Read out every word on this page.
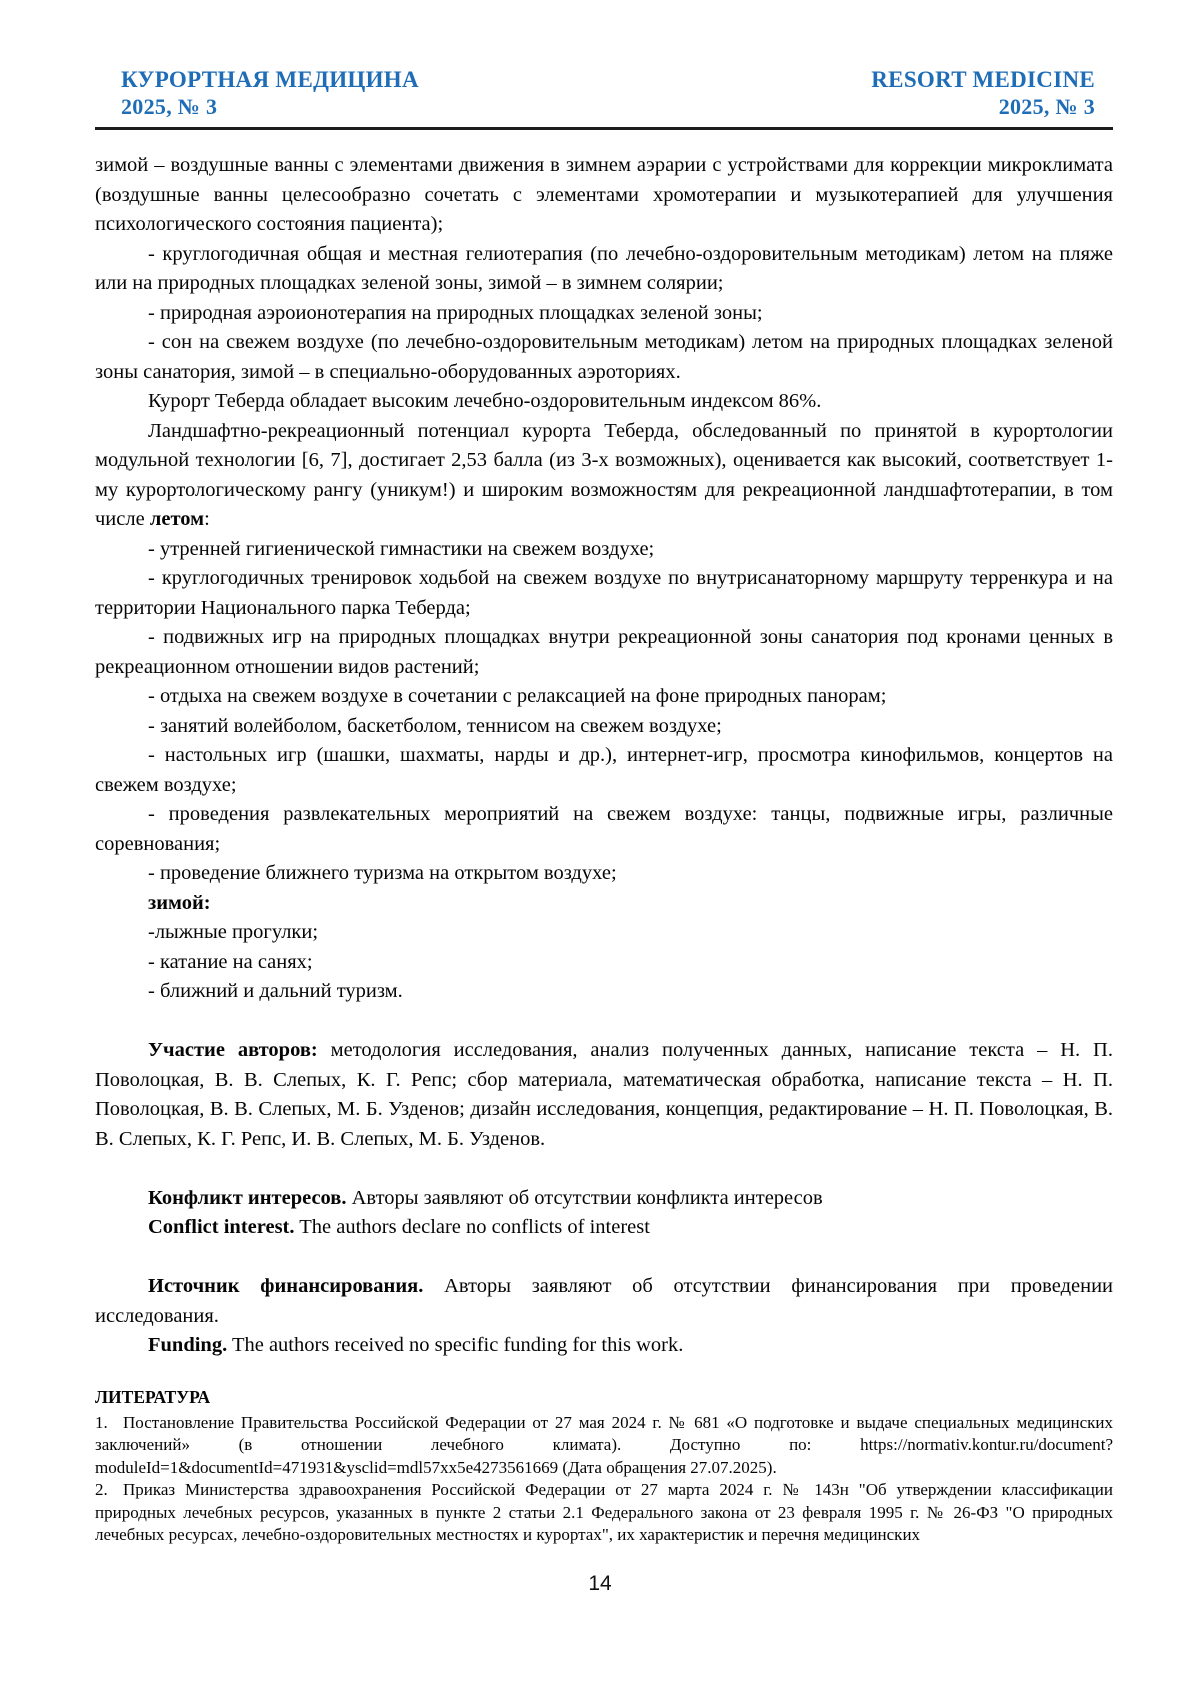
КУРОРТНАЯ МЕДИЦИНА
2025, № 3
RESORT MEDICINE
2025, № 3

зимой – воздушные ванны с элементами движения в зимнем аэрарии с устройствами для коррекции микроклимата (воздушные ванны целесообразно сочетать с элементами хромотерапии и музыкотерапией для улучшения психологического состояния пациента);

- круглогодичная общая и местная гелиотерапия (по лечебно-оздоровительным методикам) летом на пляже или на природных площадках зеленой зоны, зимой – в зимнем солярии;

- природная аэроионотерапия на природных площадках зеленой зоны;

- сон на свежем воздухе (по лечебно-оздоровительным методикам) летом на природных площадках зеленой зоны санатория, зимой – в специально-оборудованных аэроториях.

Курорт Теберда обладает высоким лечебно-оздоровительным индексом 86%.

Ландшафтно-рекреационный потенциал курорта Теберда, обследованный по принятой в курортологии модульной технологии [6, 7], достигает 2,53 балла (из 3-х возможных), оценивается как высокий, соответствует 1-му курортологическому рангу (уникум!) и широким возможностям для рекреационной ландшафтотерапии, в том числе летом:

- утренней гигиенической гимнастики на свежем воздухе;

- круглогодичных тренировок ходьбой на свежем воздухе по внутрисанаторному маршруту терренкура и на территории Национального парка Теберда;

- подвижных игр на природных площадках внутри рекреационной зоны санатория под кронами ценных в рекреационном отношении видов растений;

- отдыха на свежем воздухе в сочетании с релаксацией на фоне природных панорам;

- занятий волейболом, баскетболом, теннисом на свежем воздухе;

- настольных игр (шашки, шахматы, нарды и др.), интернет-игр, просмотра кинофильмов, концертов на свежем воздухе;

- проведения развлекательных мероприятий на свежем воздухе: танцы, подвижные игры, различные соревнования;

- проведение ближнего туризма на открытом воздухе;

зимой:

-лыжные прогулки;

- катание на санях;

- ближний и дальний туризм.

Участие авторов: методология исследования, анализ полученных данных, написание текста – Н. П. Поволоцкая, В. В. Слепых, К. Г. Репс; сбор материала, математическая обработка, написание текста – Н. П. Поволоцкая, В. В. Слепых, М. Б. Узденов; дизайн исследования, концепция, редактирование – Н. П. Поволоцкая, В. В. Слепых, К. Г. Репс, И. В. Слепых, М. Б. Узденов.

Конфликт интересов. Авторы заявляют об отсутствии конфликта интересов

Conflict interest. The authors declare no conflicts of interest

Источник финансирования. Авторы заявляют об отсутствии финансирования при проведении исследования.

Funding. The authors received no specific funding for this work.

ЛИТЕРАТУРА

1. Постановление Правительства Российской Федерации от 27 мая 2024 г. № 681 «О подготовке и выдаче специальных медицинских заключений» (в отношении лечебного климата). Доступно по: https://normativ.kontur.ru/document?moduleId=1&documentId=471931&ysclid=mdl57xx5e4273561669 (Дата обращения 27.07.2025).

2. Приказ Министерства здравоохранения Российской Федерации от 27 марта 2024 г. № 143н "Об утверждении классификации природных лечебных ресурсов, указанных в пункте 2 статьи 2.1 Федерального закона от 23 февраля 1995 г. № 26-ФЗ "О природных лечебных ресурсах, лечебно-оздоровительных местностях и курортах", их характеристик и перечня медицинских

14
